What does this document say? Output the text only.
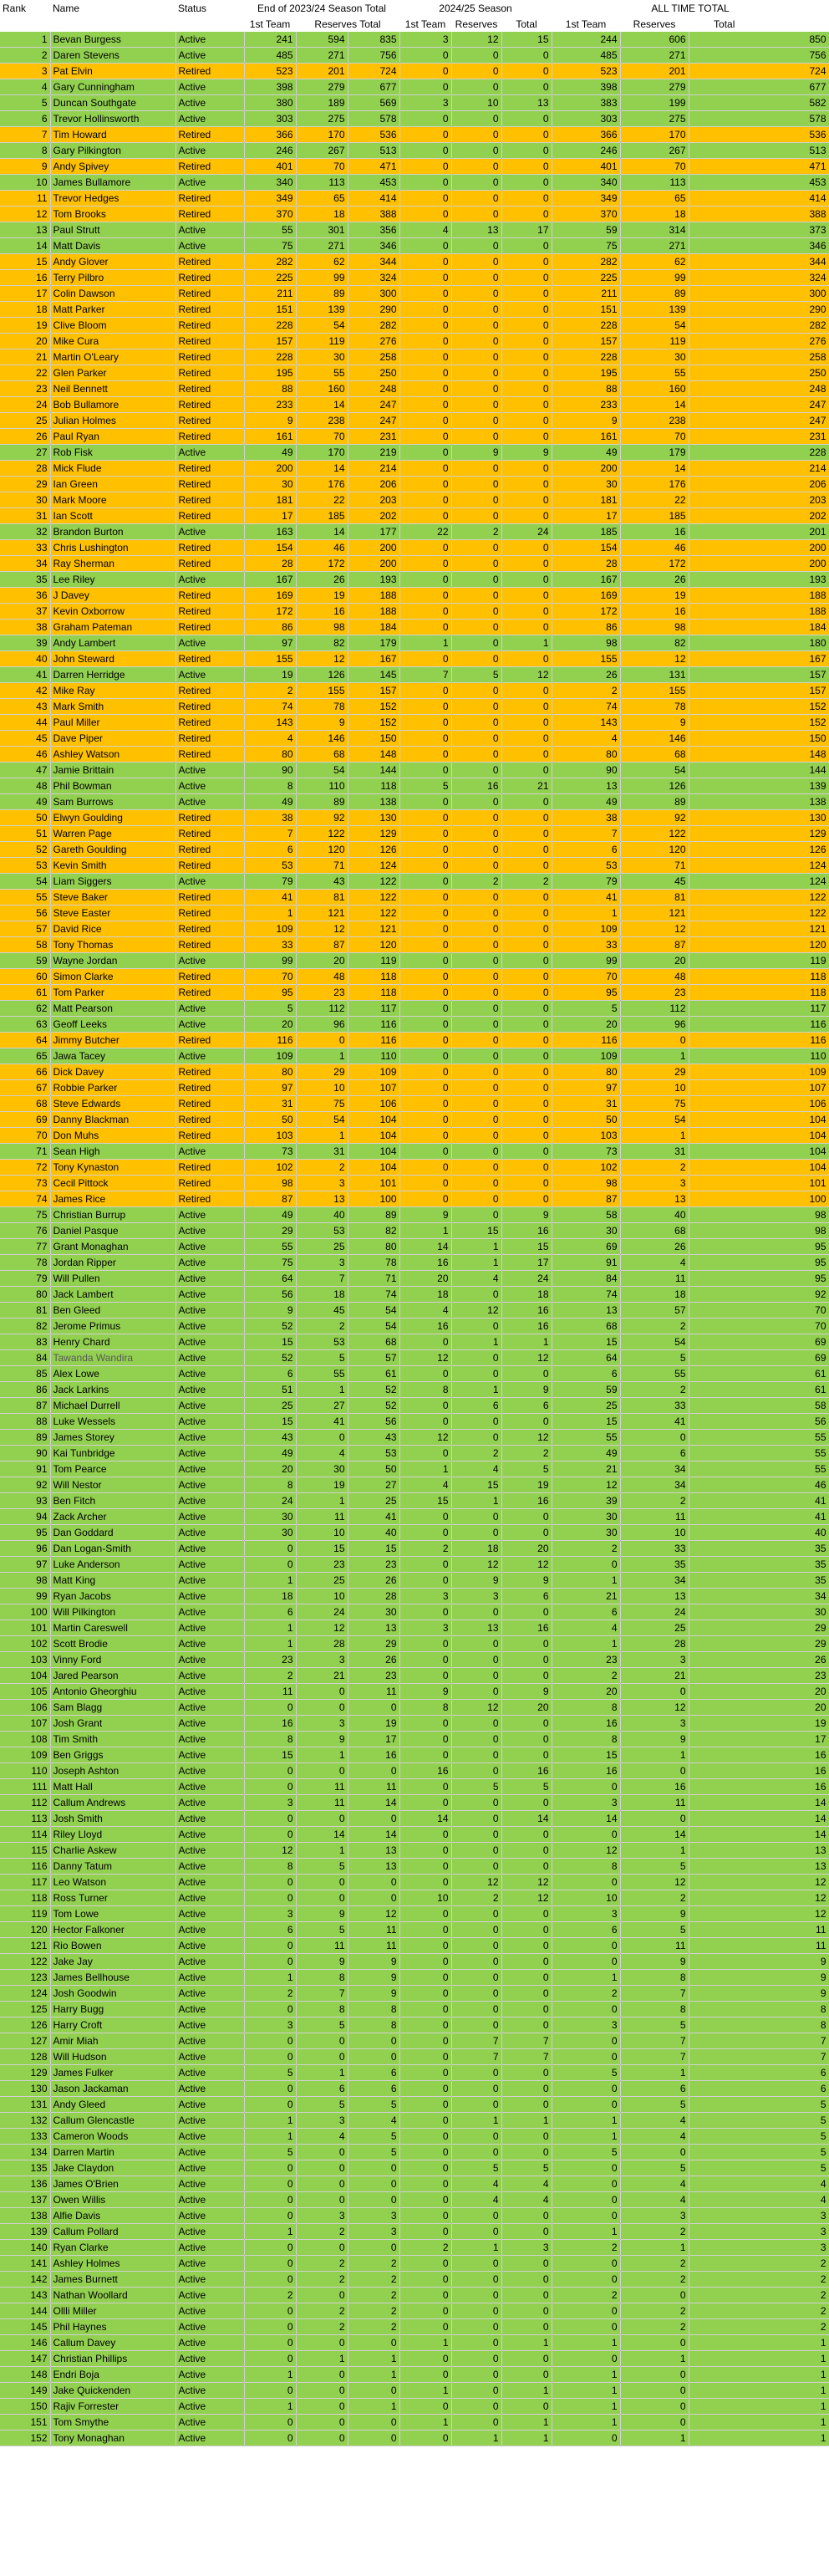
Rank	Name	Status	End of 2023/24 Season Total			2024/25 Season			ALL TIME TOTAL		
			1st Team	Reserves Total		1st Team	Reserves	Total	1st Team	Reserves	Total
1	Bevan Burgess	Active	241	594	835	3	12	15	244	606	850
2	Daren Stevens	Active	485	271	756	0	0	0	485	271	756
3	Pat Elvin	Retired	523	201	724	0	0	0	523	201	724
4	Gary Cunningham	Active	398	279	677	0	0	0	398	279	677
5	Duncan Southgate	Active	380	189	569	3	10	13	383	199	582
6	Trevor Hollinsworth	Active	303	275	578	0	0	0	303	275	578
7	Tim Howard	Retired	366	170	536	0	0	0	366	170	536
8	Gary Pilkington	Active	246	267	513	0	0	0	246	267	513
9	Andy Spivey	Retired	401	70	471	0	0	0	401	70	471
10	James Bullamore	Active	340	113	453	0	0	0	340	113	453
11	Trevor Hedges	Retired	349	65	414	0	0	0	349	65	414
12	Tom Brooks	Retired	370	18	388	0	0	0	370	18	388
13	Paul Strutt	Active	55	301	356	4	13	17	59	314	373
14	Matt Davis	Active	75	271	346	0	0	0	75	271	346
15	Andy Glover	Retired	282	62	344	0	0	0	282	62	344
16	Terry Pilbro	Retired	225	99	324	0	0	0	225	99	324
17	Colin Dawson	Retired	211	89	300	0	0	0	211	89	300
18	Matt Parker	Retired	151	139	290	0	0	0	151	139	290
19	Clive Bloom	Retired	228	54	282	0	0	0	228	54	282
20	Mike Cura	Retired	157	119	276	0	0	0	157	119	276
21	Martin O'Leary	Retired	228	30	258	0	0	0	228	30	258
22	Glen Parker	Retired	195	55	250	0	0	0	195	55	250
23	Neil Bennett	Retired	88	160	248	0	0	0	88	160	248
24	Bob Bullamore	Retired	233	14	247	0	0	0	233	14	247
25	Julian Holmes	Retired	9	238	247	0	0	0	9	238	247
26	Paul Ryan	Retired	161	70	231	0	0	0	161	70	231
27	Rob Fisk	Active	49	170	219	0	9	9	49	179	228
28	Mick Flude	Retired	200	14	214	0	0	0	200	14	214
29	Ian Green	Retired	30	176	206	0	0	0	30	176	206
30	Mark Moore	Retired	181	22	203	0	0	0	181	22	203
31	Ian Scott	Retired	17	185	202	0	0	0	17	185	202
32	Brandon Burton	Active	163	14	177	22	2	24	185	16	201
33	Chris Lushington	Retired	154	46	200	0	0	0	154	46	200
34	Ray Sherman	Retired	28	172	200	0	0	0	28	172	200
35	Lee Riley	Active	167	26	193	0	0	0	167	26	193
36	J Davey	Retired	169	19	188	0	0	0	169	19	188
37	Kevin Oxborrow	Retired	172	16	188	0	0	0	172	16	188
38	Graham Pateman	Retired	86	98	184	0	0	0	86	98	184
39	Andy Lambert	Active	97	82	179	1	0	1	98	82	180
40	John Steward	Retired	155	12	167	0	0	0	155	12	167
41	Darren Herridge	Active	19	126	145	7	5	12	26	131	157
42	Mike Ray	Retired	2	155	157	0	0	0	2	155	157
43	Mark Smith	Retired	74	78	152	0	0	0	74	78	152
44	Paul Miller	Retired	143	9	152	0	0	0	143	9	152
45	Dave Piper	Retired	4	146	150	0	0	0	4	146	150
46	Ashley Watson	Retired	80	68	148	0	0	0	80	68	148
47	Jamie Brittain	Active	90	54	144	0	0	0	90	54	144
48	Phil Bowman	Active	8	110	118	5	16	21	13	126	139
49	Sam Burrows	Active	49	89	138	0	0	0	49	89	138
50	Elwyn Goulding	Retired	38	92	130	0	0	0	38	92	130
51	Warren Page	Retired	7	122	129	0	0	0	7	122	129
52	Gareth Goulding	Retired	6	120	126	0	0	0	6	120	126
53	Kevin Smith	Retired	53	71	124	0	0	0	53	71	124
54	Liam Siggers	Active	79	43	122	0	2	2	79	45	124
55	Steve Baker	Retired	41	81	122	0	0	0	41	81	122
56	Steve Easter	Retired	1	121	122	0	0	0	1	121	122
57	David Rice	Retired	109	12	121	0	0	0	109	12	121
58	Tony Thomas	Retired	33	87	120	0	0	0	33	87	120
59	Wayne Jordan	Active	99	20	119	0	0	0	99	20	119
60	Simon Clarke	Retired	70	48	118	0	0	0	70	48	118
61	Tom Parker	Retired	95	23	118	0	0	0	95	23	118
62	Matt Pearson	Active	5	112	117	0	0	0	5	112	117
63	Geoff Leeks	Active	20	96	116	0	0	0	20	96	116
64	Jimmy Butcher	Retired	116	0	116	0	0	0	116	0	116
65	Jawa Tacey	Active	109	1	110	0	0	0	109	1	110
66	Dick Davey	Retired	80	29	109	0	0	0	80	29	109
67	Robbie Parker	Retired	97	10	107	0	0	0	97	10	107
68	Steve Edwards	Retired	31	75	106	0	0	0	31	75	106
69	Danny Blackman	Retired	50	54	104	0	0	0	50	54	104
70	Don Muhs	Retired	103	1	104	0	0	0	103	1	104
71	Sean High	Active	73	31	104	0	0	0	73	31	104
72	Tony Kynaston	Retired	102	2	104	0	0	0	102	2	104
73	Cecil Pittock	Retired	98	3	101	0	0	0	98	3	101
74	James Rice	Retired	87	13	100	0	0	0	87	13	100
75	Christian Burrup	Active	49	40	89	9	0	9	58	40	98
76	Daniel Pasque	Active	29	53	82	1	15	16	30	68	98
77	Grant Monaghan	Active	55	25	80	14	1	15	69	26	95
78	Jordan Ripper	Active	75	3	78	16	1	17	91	4	95
79	Will Pullen	Active	64	7	71	20	4	24	84	11	95
80	Jack Lambert	Active	56	18	74	18	0	18	74	18	92
81	Ben Gleed	Active	9	45	54	4	12	16	13	57	70
82	Jerome Primus	Active	52	2	54	16	0	16	68	2	70
83	Henry Chard	Active	15	53	68	0	1	1	15	54	69
84	Tawanda Wandira	Active	52	5	57	12	0	12	64	5	69
85	Alex Lowe	Active	6	55	61	0	0	0	6	55	61
86	Jack Larkins	Active	51	1	52	8	1	9	59	2	61
87	Michael Durrell	Active	25	27	52	0	6	6	25	33	58
88	Luke Wessels	Active	15	41	56	0	0	0	15	41	56
89	James Storey	Active	43	0	43	12	0	12	55	0	55
90	Kai Tunbridge	Active	49	4	53	0	2	2	49	6	55
91	Tom Pearce	Active	20	30	50	1	4	5	21	34	55
92	Will Nestor	Active	8	19	27	4	15	19	12	34	46
93	Ben Fitch	Active	24	1	25	15	1	16	39	2	41
94	Zack Archer	Active	30	11	41	0	0	0	30	11	41
95	Dan Goddard	Active	30	10	40	0	0	0	30	10	40
96	Dan Logan-Smith	Active	0	15	15	2	18	20	2	33	35
97	Luke Anderson	Active	0	23	23	0	12	12	0	35	35
98	Matt King	Active	1	25	26	0	9	9	1	34	35
99	Ryan Jacobs	Active	18	10	28	3	3	6	21	13	34
100	Will Pilkington	Active	6	24	30	0	0	0	6	24	30
101	Martin Careswell	Active	1	12	13	3	13	16	4	25	29
102	Scott Brodie	Active	1	28	29	0	0	0	1	28	29
103	Vinny Ford	Active	23	3	26	0	0	0	23	3	26
104	Jared Pearson	Active	2	21	23	0	0	0	2	21	23
105	Antonio Gheorghiu	Active	11	0	11	9	0	9	20	0	20
106	Sam Blagg	Active	0	0	0	8	12	20	8	12	20
107	Josh Grant	Active	16	3	19	0	0	0	16	3	19
108	Tim Smith	Active	8	9	17	0	0	0	8	9	17
109	Ben Griggs	Active	15	1	16	0	0	0	15	1	16
110	Joseph Ashton	Active	0	0	0	16	0	16	16	0	16
111	Matt Hall	Active	0	11	11	0	5	5	0	16	16
112	Callum Andrews	Active	3	11	14	0	0	0	3	11	14
113	Josh Smith	Active	0	0	0	14	0	14	14	0	14
114	Riley Lloyd	Active	0	14	14	0	0	0	0	14	14
115	Charlie Askew	Active	12	1	13	0	0	0	12	1	13
116	Danny Tatum	Active	8	5	13	0	0	0	8	5	13
117	Leo Watson	Active	0	0	0	0	12	12	0	12	12
118	Ross Turner	Active	0	0	0	10	2	12	10	2	12
119	Tom Lowe	Active	3	9	12	0	0	0	3	9	12
120	Hector Falkoner	Active	6	5	11	0	0	0	6	5	11
121	Rio Bowen	Active	0	11	11	0	0	0	0	11	11
122	Jake Jay	Active	0	9	9	0	0	0	0	9	9
123	James Bellhouse	Active	1	8	9	0	0	0	1	8	9
124	Josh Goodwin	Active	2	7	9	0	0	0	2	7	9
125	Harry Bugg	Active	0	8	8	0	0	0	0	8	8
126	Harry Croft	Active	3	5	8	0	0	0	3	5	8
127	Amir Miah	Active	0	0	0	0	7	7	0	7	7
128	Will Hudson	Active	0	0	0	0	7	7	0	7	7
129	James Fulker	Active	5	1	6	0	0	0	5	1	6
130	Jason Jackaman	Active	0	6	6	0	0	0	0	6	6
131	Andy Gleed	Active	0	5	5	0	0	0	0	5	5
132	Callum Glencastle	Active	1	3	4	0	1	1	1	4	5
133	Cameron Woods	Active	1	4	5	0	0	0	1	4	5
134	Darren Martin	Active	5	0	5	0	0	0	5	0	5
135	Jake Claydon	Active	0	0	0	0	5	5	0	5	5
136	James O'Brien	Active	0	0	0	0	4	4	0	4	4
137	Owen Willis	Active	0	0	0	0	4	4	0	4	4
138	Alfie Davis	Active	0	3	3	0	0	0	0	3	3
139	Callum Pollard	Active	1	2	3	0	0	0	1	2	3
140	Ryan Clarke	Active	0	0	0	2	1	3	2	1	3
141	Ashley Holmes	Active	0	2	2	0	0	0	0	2	2
142	James Burnett	Active	0	2	2	0	0	0	0	2	2
143	Nathan Woollard	Active	2	0	2	0	0	0	2	0	2
144	Ollli Miller	Active	0	2	2	0	0	0	0	2	2
145	Phil Haynes	Active	0	2	2	0	0	0	0	2	2
146	Callum Davey	Active	0	0	0	1	0	1	1	0	1
147	Christian Phillips	Active	0	1	1	0	0	0	0	1	1
148	Endri Boja	Active	1	0	1	0	0	0	1	0	1
149	Jake Quickenden	Active	0	0	0	1	0	1	1	0	1
150	Rajiv Forrester	Active	1	0	1	0	0	0	1	0	1
151	Tom Smythe	Active	0	0	0	1	0	1	1	0	1
152	Tony Monaghan	Active	0	0	0	0	1	1	0	1	1
